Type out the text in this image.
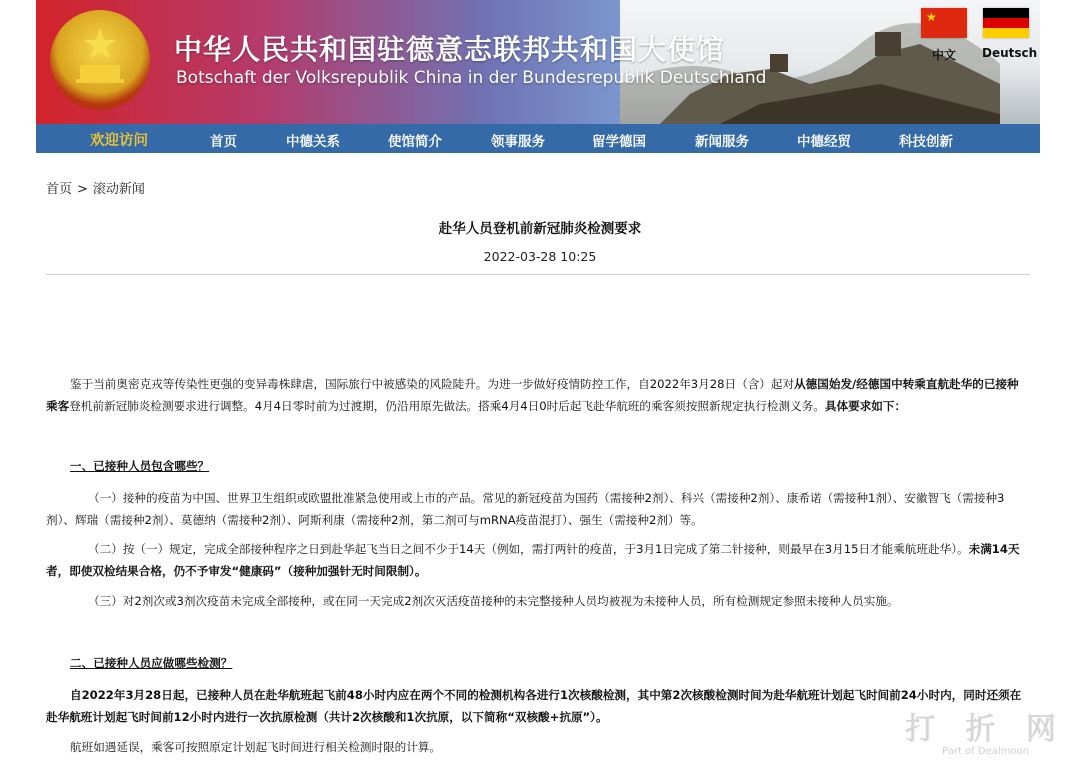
中华人民共和国驻德意志联邦共和国大使馆
Botschaft der Volksrepublik China in der Bundesrepublik Deutschland
★
中文	Deutsch
欢迎访问	首页	中德关系	使馆简介	领事服务	留学德国	新闻服务	中德经贸	科技创新
首页 > 滚动新闻
赴华人员登机前新冠肺炎检测要求
2022-03-28 10:25
鉴于当前奥密克戎等传染性更强的变异毒株肆虐，国际旅行中被感染的风险陡升。为进一步做好疫情防控工作，自2022年3月28日（含）起对从德国始发/经德国中转乘直航赴华的已接种乘客登机前新冠肺炎检测要求进行调整。4月4日零时前为过渡期，仍沿用原先做法。搭乘4月4日0时后起飞赴华航班的乘客须按照新规定执行检测义务。具体要求如下：
一、已接种人员包含哪些？
（一）接种的疫苗为中国、世界卫生组织或欧盟批准紧急使用或上市的产品。常见的新冠疫苗为国药（需接种2剂）、科兴（需接种2剂）、康希诺（需接种1剂）、安徽智飞（需接种3剂）、辉瑞（需接种2剂）、莫德纳（需接种2剂）、阿斯利康（需接种2剂，第二剂可与mRNA疫苗混打）、强生（需接种2剂）等。
（二）按（一）规定，完成全部接种程序之日到赴华起飞当日之间不少于14天（例如，需打两针的疫苗，于3月1日完成了第二针接种，则最早在3月15日才能乘航班赴华）。未满14天者，即使双检结果合格，仍不予审发“健康码”（接种加强针无时间限制）。
（三）对2剂次或3剂次疫苗未完成全部接种，或在同一天完成2剂次灭活疫苗接种的未完整接种人员均被视为未接种人员，所有检测规定参照未接种人员实施。
二、已接种人员应做哪些检测？
自2022年3月28日起，已接种人员在赴华航班起飞前48小时内应在两个不同的检测机构各进行1次核酸检测，其中第2次核酸检测时间为赴华航班计划起飞时间前24小时内，同时还须在赴华航班计划起飞时间前12小时内进行一次抗原检测（共计2次核酸和1次抗原，以下简称“双核酸+抗原”）。
航班如遇延误，乘客可按照原定计划起飞时间进行相关检测时限的计算。	打 折 网
Part of Dealmoon
